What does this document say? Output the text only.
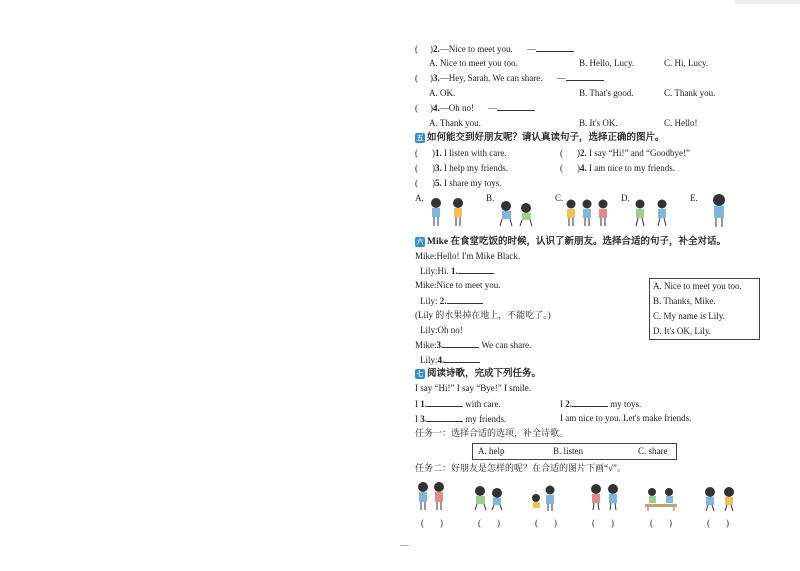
( )2.—Nice to meet you. —
A. Nice to meet you too.	B. Hello, Lucy.	C. Hi, Lucy.
( )3.—Hey, Sarah. We can share. —
A. OK.	B. That's good.	C. Thank you.
( )4.—Oh no! —
A. Thank you.	B. It's OK.	C. Hello!
五 如何能交到好朋友呢？请认真读句子，选择正确的图片。
( )1. I listen with care.	( )2. I say “Hi!” and “Goodbye!”
( )3. I help my friends.	( )4. I am nice to my friends.
( )5. I share my toys.
A.	B.	C.	D.	E.
六 Mike 在食堂吃饭的时候，认识了新朋友。选择合适的句子，补全对话。
Mike:Hello! I'm Mike Black.
Lily:Hi. 1.
Mike:Nice to meet you.
Lily: 2.
(Lily 的水果掉在地上，不能吃了。)
Lily:Oh no!
Mike:3.	We can share.
Lily:4.
A. Nice to meet you too.
B. Thanks, Mike.
C. My name is Lily.
D. It's OK, Lily.
七 阅读诗歌，完成下列任务。
I say “Hi!” I say “Bye!” I smile.
I 1.	with care.	I 2.	my toys.
I 3.	my friends.	I am nice to you. Let's make friends.
任务一：选择合适的选项，补全诗歌。
A. help	B. listen	C. share
任务二：好朋友是怎样的呢？在合适的图片下画“√”。
( )	( )	( )	( )	( )	( )
—
